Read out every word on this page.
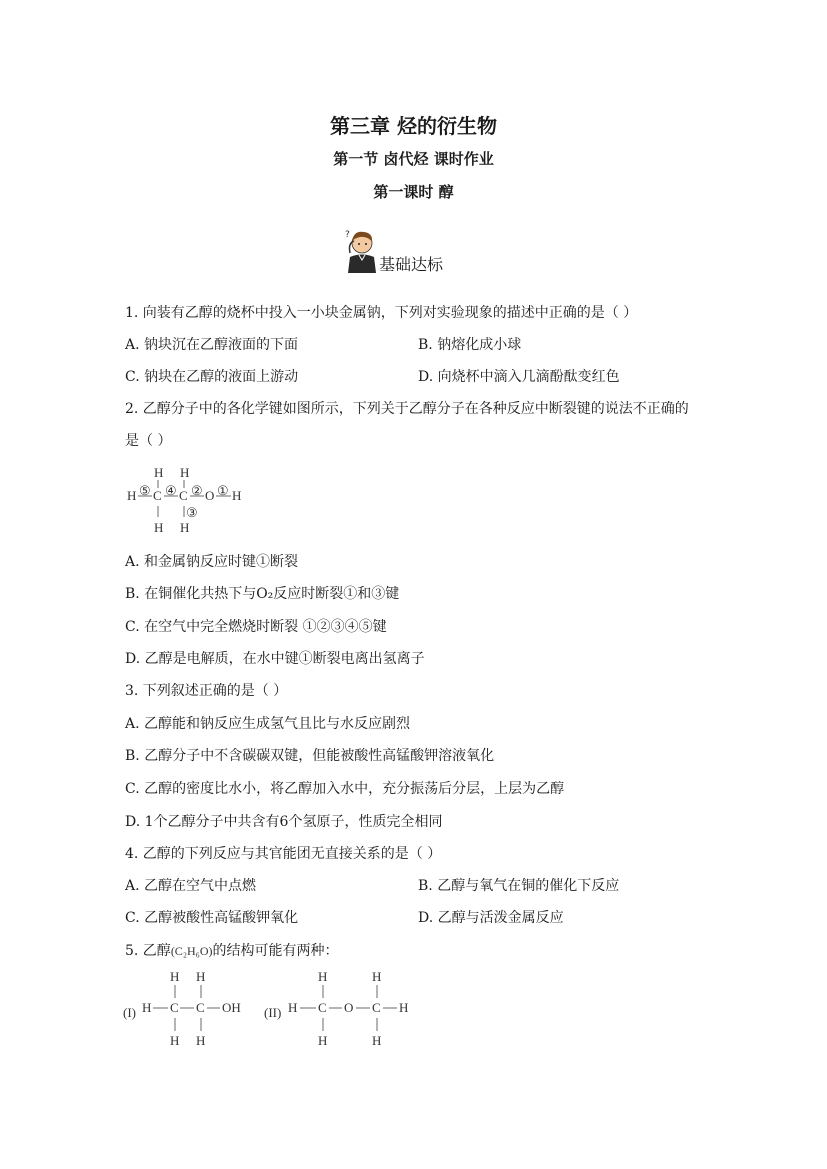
第三章 烃的衍生物
第一节 卤代烃 课时作业
第一课时 醇
?
基础达标
1. 向装有乙醇的烧杯中投入一小块金属钠，下列对实验现象的描述中正确的是（ ）
A. 钠块沉在乙醇液面的下面	B. 钠熔化成小球
C. 钠块在乙醇的液面上游动	D. 向烧杯中滴入几滴酚酞变红色
2. 乙醇分子中的各化学键如图所示，下列关于乙醇分子在各种反应中断裂键的说法不正确的
是（ ）
H H
H ⑤ C ④ C ② O ① H
③
H H
A. 和金属钠反应时键①断裂
B. 在铜催化共热下与O₂反应时断裂①和③键
C. 在空气中完全燃烧时断裂 ①②③④⑤键
D. 乙醇是电解质，在水中键①断裂电离出氢离子
3. 下列叙述正确的是（ ）
A. 乙醇能和钠反应生成氢气且比与水反应剧烈
B. 乙醇分子中不含碳碳双键，但能被酸性高锰酸钾溶液氧化
C. 乙醇的密度比水小，将乙醇加入水中，充分振荡后分层，上层为乙醇
D. 1个乙醇分子中共含有6个氢原子，性质完全相同
4. 乙醇的下列反应与其官能团无直接关系的是（ ）
A. 乙醇在空气中点燃	B. 乙醇与氧气在铜的催化下反应
C. 乙醇被酸性高锰酸钾氧化	D. 乙醇与活泼金属反应
5. 乙醇(C₂H₆O)的结构可能有两种：
(I)
H H
H C C OH
H H
(II)
H	H
H C O C H
H	H
